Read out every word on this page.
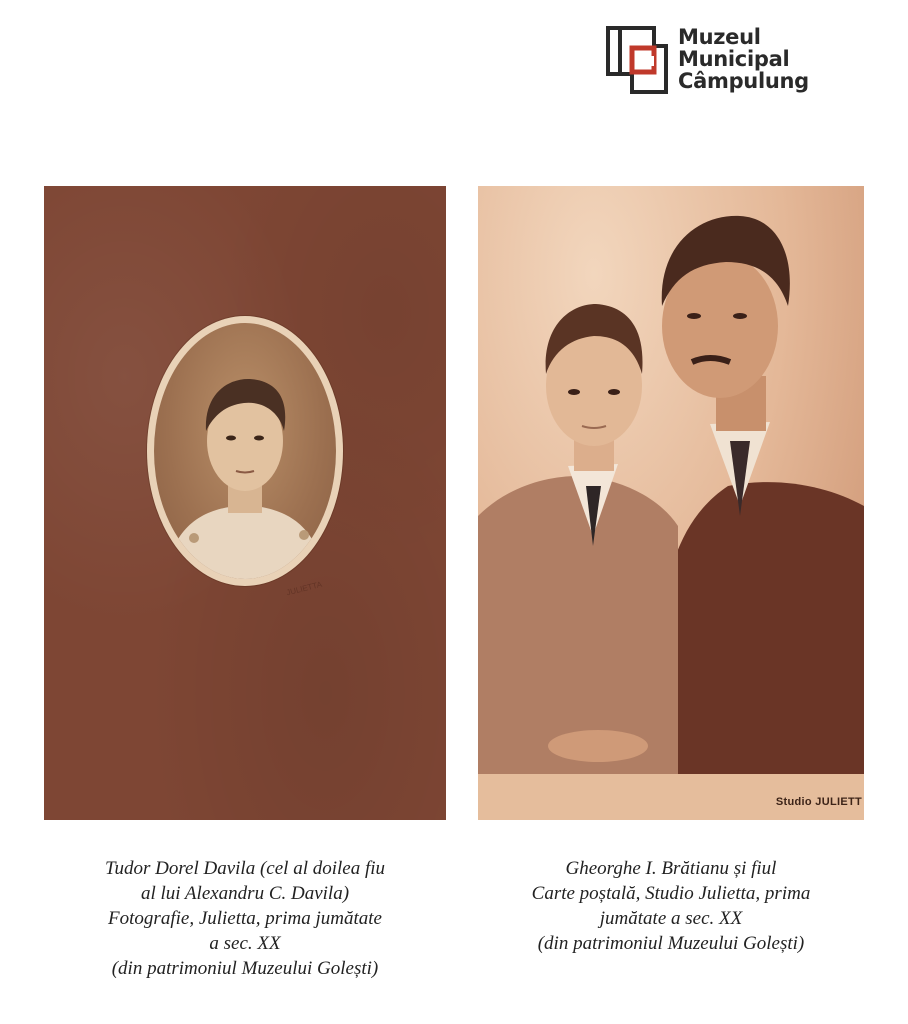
Muzeul
Municipal
Câmpulung
JULIETTA
Studio JULIETT
Tudor Dorel Davila (cel al doilea fiu
al lui Alexandru C. Davila)
Fotografie, Julietta, prima jumătate
a sec. XX
(din patrimoniul Muzeului Golești)
Gheorghe I. Brătianu și fiul
Carte poștală, Studio Julietta, prima
jumătate a sec. XX
(din patrimoniul Muzeului Golești)
